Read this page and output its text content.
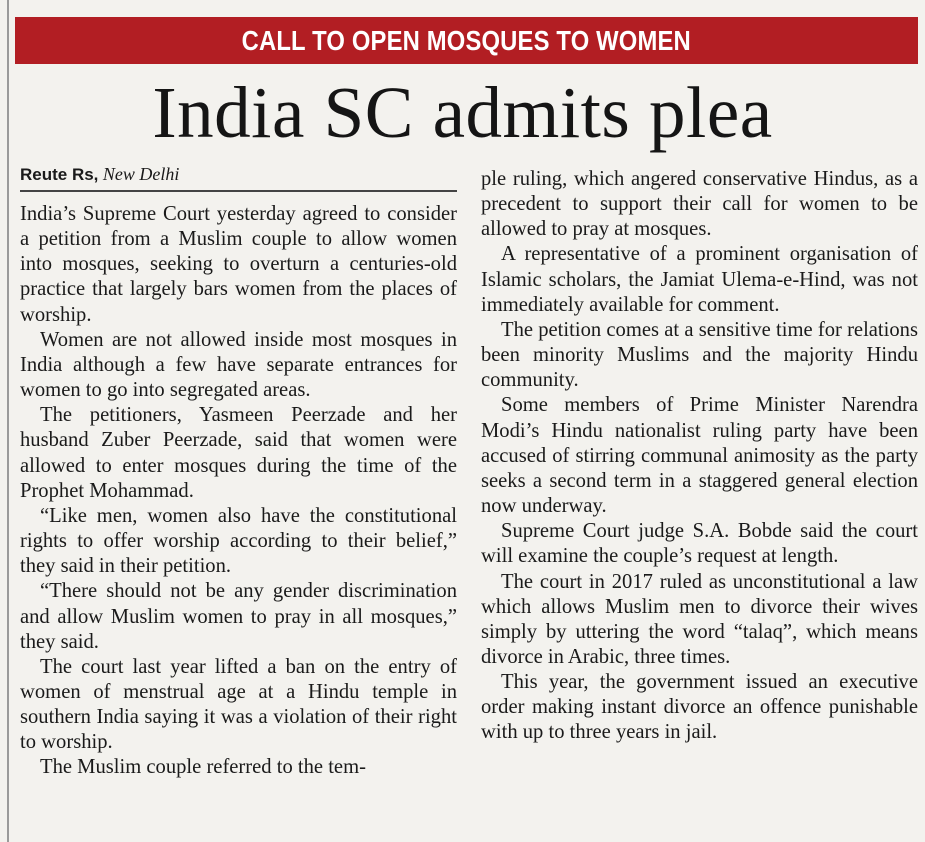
CALL TO OPEN MOSQUES TO WOMEN
India SC admits plea
Reute Rs, New Delhi

India’s Supreme Court yesterday agreed to consider a petition from a Muslim couple to allow women into mosques, seeking to overturn a centuries-old practice that largely bars women from the places of worship.

Women are not allowed inside most mosques in India although a few have separate entrances for women to go into segregated areas.

The petitioners, Yasmeen Peerzade and her husband Zuber Peerzade, said that women were allowed to enter mosques during the time of the Prophet Mohammad.

“Like men, women also have the constitutional rights to offer worship according to their belief,” they said in their petition.

“There should not be any gender discrimination and allow Muslim women to pray in all mosques,” they said.

The court last year lifted a ban on the entry of women of menstrual age at a Hindu temple in southern India saying it was a violation of their right to worship.

The Muslim couple referred to the tem-

ple ruling, which angered conservative Hindus, as a precedent to support their call for women to be allowed to pray at mosques.

A representative of a prominent organisation of Islamic scholars, the Jamiat Ulema-e-Hind, was not immediately available for comment.

The petition comes at a sensitive time for relations been minority Muslims and the majority Hindu community.

Some members of Prime Minister Narendra Modi’s Hindu nationalist ruling party have been accused of stirring communal animosity as the party seeks a second term in a staggered general election now underway.

Supreme Court judge S.A. Bobde said the court will examine the couple’s request at length.

The court in 2017 ruled as unconstitutional a law which allows Muslim men to divorce their wives simply by uttering the word “talaq”, which means divorce in Arabic, three times.

This year, the government issued an executive order making instant divorce an offence punishable with up to three years in jail.
